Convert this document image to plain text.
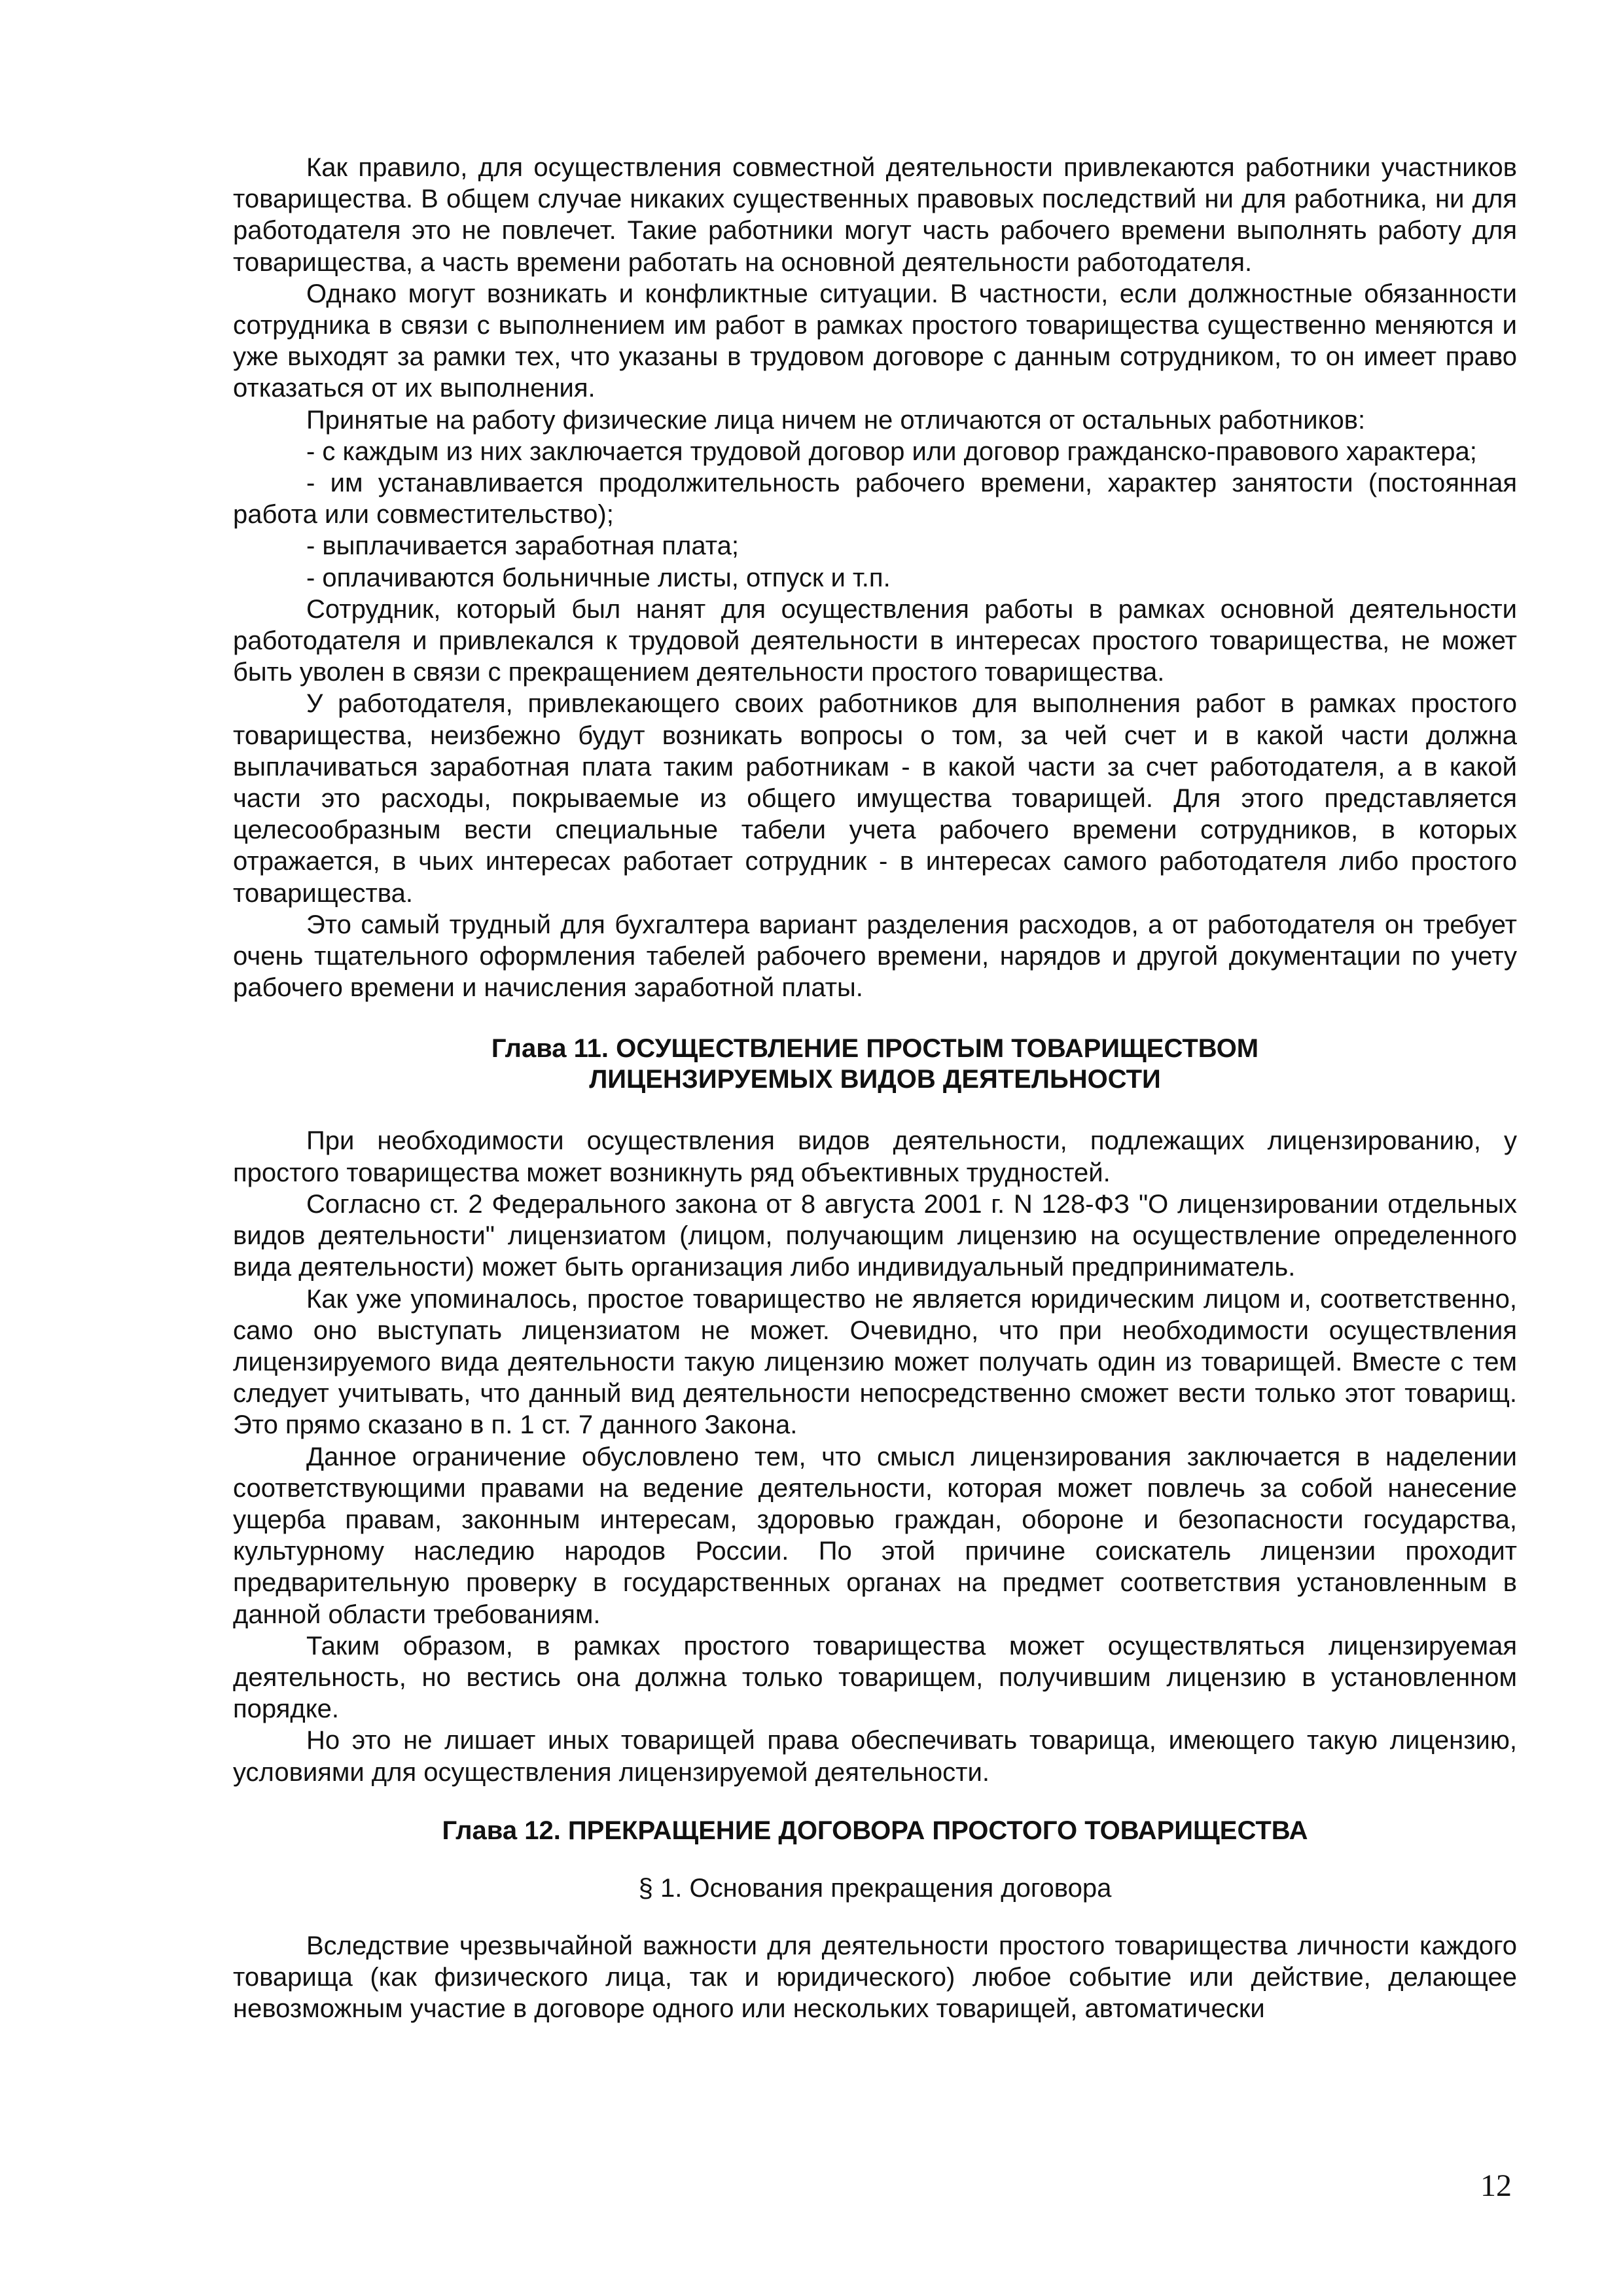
Как правило, для осуществления совместной деятельности привлекаются работники участников товарищества. В общем случае никаких существенных правовых последствий ни для работника, ни для работодателя это не повлечет. Такие работники могут часть рабочего времени выполнять работу для товарищества, а часть времени работать на основной деятельности работодателя.

Однако могут возникать и конфликтные ситуации. В частности, если должностные обязанности сотрудника в связи с выполнением им работ в рамках простого товарищества существенно меняются и уже выходят за рамки тех, что указаны в трудовом договоре с данным сотрудником, то он имеет право отказаться от их выполнения.

Принятые на работу физические лица ничем не отличаются от остальных работников:

- с каждым из них заключается трудовой договор или договор гражданско-правового характера;

- им устанавливается продолжительность рабочего времени, характер занятости (постоянная работа или совместительство);

- выплачивается заработная плата;

- оплачиваются больничные листы, отпуск и т.п.

Сотрудник, который был нанят для осуществления работы в рамках основной деятельности работодателя и привлекался к трудовой деятельности в интересах простого товарищества, не может быть уволен в связи с прекращением деятельности простого товарищества.

У работодателя, привлекающего своих работников для выполнения работ в рамках простого товарищества, неизбежно будут возникать вопросы о том, за чей счет и в какой части должна выплачиваться заработная плата таким работникам - в какой части за счет работодателя, а в какой части это расходы, покрываемые из общего имущества товарищей. Для этого представляется целесообразным вести специальные табели учета рабочего времени сотрудников, в которых отражается, в чьих интересах работает сотрудник - в интересах самого работодателя либо простого товарищества.

Это самый трудный для бухгалтера вариант разделения расходов, а от работодателя он требует очень тщательного оформления табелей рабочего времени, нарядов и другой документации по учету рабочего времени и начисления заработной платы.

Глава 11. ОСУЩЕСТВЛЕНИЕ ПРОСТЫМ ТОВАРИЩЕСТВОМ
ЛИЦЕНЗИРУЕМЫХ ВИДОВ ДЕЯТЕЛЬНОСТИ

При необходимости осуществления видов деятельности, подлежащих лицензированию, у простого товарищества может возникнуть ряд объективных трудностей.

Согласно ст. 2 Федерального закона от 8 августа 2001 г. N 128-ФЗ "О лицензировании отдельных видов деятельности" лицензиатом (лицом, получающим лицензию на осуществление определенного вида деятельности) может быть организация либо индивидуальный предприниматель.

Как уже упоминалось, простое товарищество не является юридическим лицом и, соответственно, само оно выступать лицензиатом не может. Очевидно, что при необходимости осуществления лицензируемого вида деятельности такую лицензию может получать один из товарищей. Вместе с тем следует учитывать, что данный вид деятельности непосредственно сможет вести только этот товарищ. Это прямо сказано в п. 1 ст. 7 данного Закона.

Данное ограничение обусловлено тем, что смысл лицензирования заключается в наделении соответствующими правами на ведение деятельности, которая может повлечь за собой нанесение ущерба правам, законным интересам, здоровью граждан, обороне и безопасности государства, культурному наследию народов России. По этой причине соискатель лицензии проходит предварительную проверку в государственных органах на предмет соответствия установленным в данной области требованиям.

Таким образом, в рамках простого товарищества может осуществляться лицензируемая деятельность, но вестись она должна только товарищем, получившим лицензию в установленном порядке.

Но это не лишает иных товарищей права обеспечивать товарища, имеющего такую лицензию, условиями для осуществления лицензируемой деятельности.

Глава 12. ПРЕКРАЩЕНИЕ ДОГОВОРА ПРОСТОГО ТОВАРИЩЕСТВА

§ 1. Основания прекращения договора

Вследствие чрезвычайной важности для деятельности простого товарищества личности каждого товарища (как физического лица, так и юридического) любое событие или действие, делающее невозможным участие в договоре одного или нескольких товарищей, автоматически

12
